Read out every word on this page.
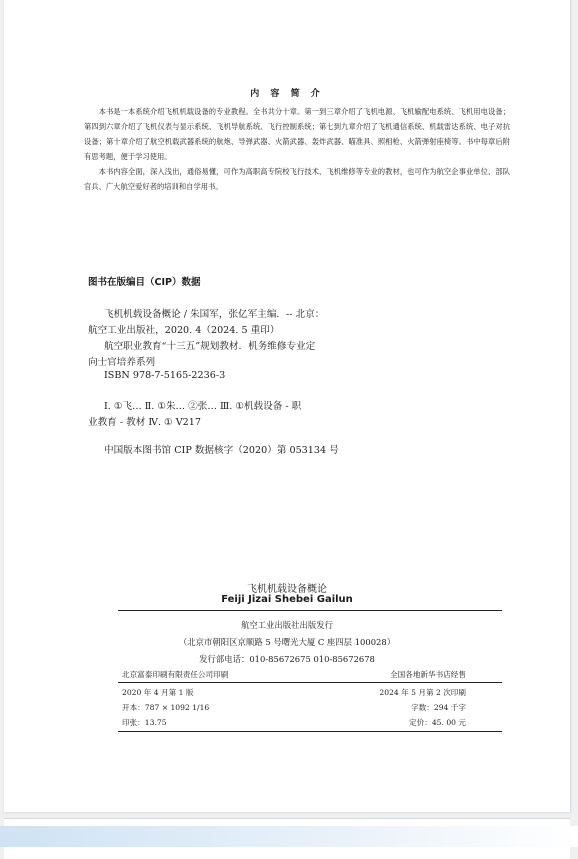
内 容 简 介

本书是一本系统介绍飞机机载设备的专业教程。全书共分十章。第一到三章介绍了飞机电源、飞机输配电系统、飞机用电设备；第四到六章介绍了飞机仪表与显示系统、飞机导航系统、飞行控制系统；第七到九章介绍了飞机通信系统、机载雷达系统、电子对抗设备；第十章介绍了航空机载武器系统的航炮、导弹武器、火箭武器、轰炸武器、瞄准具、照相枪、火箭弹射座椅等。书中每章后附有思考题，便于学习使用。

本书内容全面，深入浅出，通俗易懂，可作为高职高专院校飞行技术、飞机维修等专业的教材，也可作为航空企事业单位、部队官兵、广大航空爱好者的培训和自学用书。

图书在版编目（CIP）数据
飞机机载设备概论 / 朱国军，张亿军主编．-- 北京：
航空工业出版社，2020. 4（2024. 5 重印）
航空职业教育“十三五”规划教材．机务维修专业定
向士官培养系列
ISBN 978-7-5165-2236-3
Ⅰ. ①飞… Ⅱ. ①朱… ②张… Ⅲ. ①机载设备 - 职
业教育 - 教材 Ⅳ. ① V217
中国版本图书馆 CIP 数据核字（2020）第 053134 号
飞机机载设备概论
Feiji Jizai Shebei Gailun
航空工业出版社出版发行
（北京市朝阳区京顺路 5 号曙光大厦 C 座四层 100028）
发行部电话：010-85672675 010-85672678
北京富泰印刷有限责任公司印刷	全国各地新华书店经售
2020 年 4 月第 1 版	2024 年 5 月第 2 次印刷
开本：787 × 1092 1/16	字数：294 千字
印张：13.75	定价：45. 00 元
